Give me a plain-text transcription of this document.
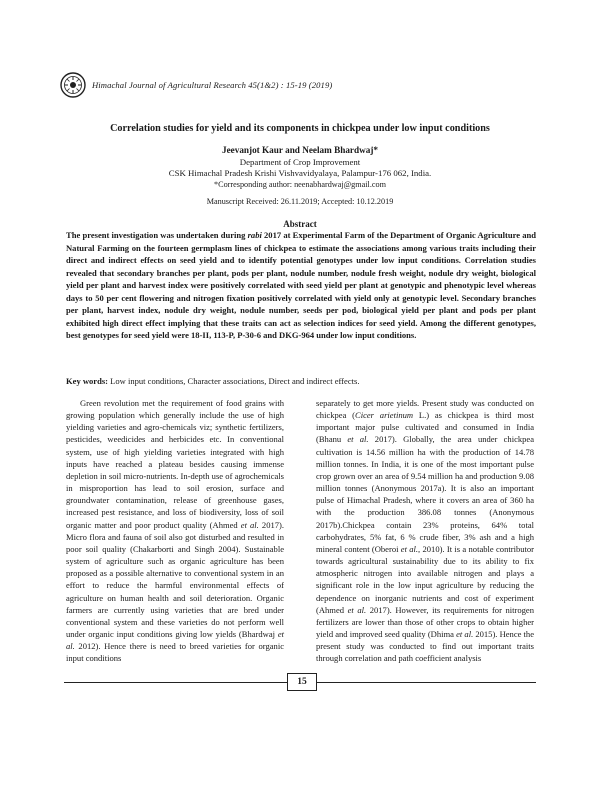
Himachal Journal of Agricultural Research 45(1&2) : 15-19 (2019)
Correlation studies for yield and its components in chickpea under low input conditions
Jeevanjot Kaur and Neelam Bhardwaj*
Department of Crop Improvement
CSK Himachal Pradesh Krishi Vishvavidyalaya, Palampur-176 062, India.
*Corresponding author: neenabhardwaj@gmail.com
Manuscript Received: 26.11.2019; Accepted: 10.12.2019
Abstract
The present investigation was undertaken during rabi 2017 at Experimental Farm of the Department of Organic Agriculture and Natural Farming on the fourteen germplasm lines of chickpea to estimate the associations among various traits including their direct and indirect effects on seed yield and to identify potential genotypes under low input conditions. Correlation studies revealed that secondary branches per plant, pods per plant, nodule number, nodule fresh weight, nodule dry weight, biological yield per plant and harvest index were positively correlated with seed yield per plant at genotypic and phenotypic level whereas days to 50 per cent flowering and nitrogen fixation positively correlated with yield only at genotypic level. Secondary branches per plant, harvest index, nodule dry weight, nodule number, seeds per pod, biological yield per plant and pods per plant exhibited high direct effect implying that these traits can act as selection indices for seed yield. Among the different genotypes, best genotypes for seed yield were 18-II, 113-P, P-30-6 and DKG-964 under low input conditions.
Key words: Low input conditions, Character associations, Direct and indirect effects.
Green revolution met the requirement of food grains with growing population which generally include the use of high yielding varieties and agro-chemicals viz; synthetic fertilizers, pesticides, weedicides and herbicides etc. In conventional system, use of high yielding varieties integrated with high inputs have reached a plateau besides causing immense depletion in soil micro-nutrients. In-depth use of agrochemicals in misproportion has lead to soil erosion, surface and groundwater contamination, release of greenhouse gases, increased pest resistance, and loss of biodiversity, loss of soil organic matter and poor product quality (Ahmed et al. 2017). Micro flora and fauna of soil also got disturbed and resulted in poor soil quality (Chakarborti and Singh 2004). Sustainable system of agriculture such as organic agriculture has been proposed as a possible alternative to conventional system in an effort to reduce the harmful environmental effects of agriculture on human health and soil deterioration. Organic farmers are currently using varieties that are bred under conventional system and these varieties do not perform well under organic input conditions giving low yields (Bhardwaj et al. 2012). Hence there is need to breed varieties for organic input conditions
separately to get more yields. Present study was conducted on chickpea (Cicer arietinum L.) as chickpea is third most important major pulse cultivated and consumed in India (Bhanu et al. 2017). Globally, the area under chickpea cultivation is 14.56 million ha with the production of 14.78 million tonnes. In India, it is one of the most important pulse crop grown over an area of 9.54 million ha and production 9.08 million tonnes (Anonymous 2017a). It is also an important pulse of Himachal Pradesh, where it covers an area of 360 ha with the production 386.08 tonnes (Anonymous 2017b).Chickpea contain 23% proteins, 64% total carbohydrates, 5% fat, 6 % crude fiber, 3% ash and a high mineral content (Oberoi et al., 2010). It is a notable contributor towards agricultural sustainability due to its ability to fix atmospheric nitrogen into available nitrogen and plays a significant role in the low input agriculture by reducing the dependence on inorganic nutrients and cost of experiment (Ahmed et al. 2017). However, its requirements for nitrogen fertilizers are lower than those of other crops to obtain higher yield and improved seed quality (Dhima et al. 2015). Hence the present study was conducted to find out important traits through correlation and path coefficient analysis
15
